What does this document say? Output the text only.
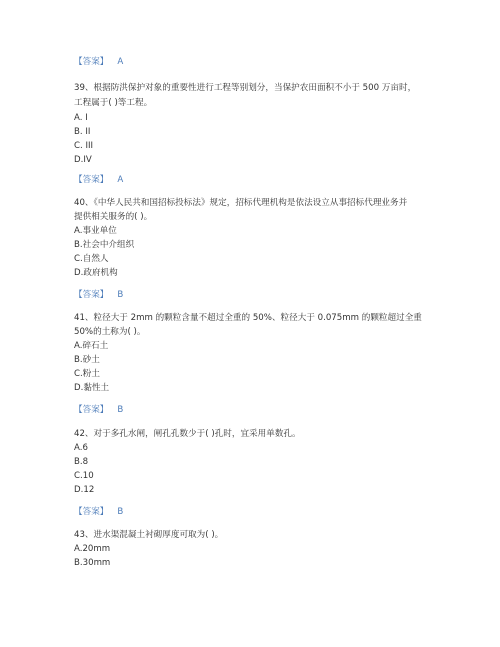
【答案】 A
39、根据防洪保护对象的重要性进行工程等别划分，当保护农田面积不小于 500 万亩时，
工程属于( )等工程。
A. I
B. II
C. III
D.IV
【答案】 A
40、《中华人民共和国招标投标法》规定，招标代理机构是依法设立从事招标代理业务并
提供相关服务的( )。
A.事业单位
B.社会中介组织
C.自然人
D.政府机构
【答案】 B
41、粒径大于 2mm 的颗粒含量不超过全重的 50%、粒径大于 0.075mm 的颗粒超过全重
50%的土称为( )。
A.碎石土
B.砂土
C.粉土
D.黏性土
【答案】 B
42、对于多孔水闸，闸孔孔数少于( )孔时，宜采用单数孔。
A.6
B.8
C.10
D.12
【答案】 B
43、进水渠混凝土衬砌厚度可取为( )。
A.20mm
B.30mm
